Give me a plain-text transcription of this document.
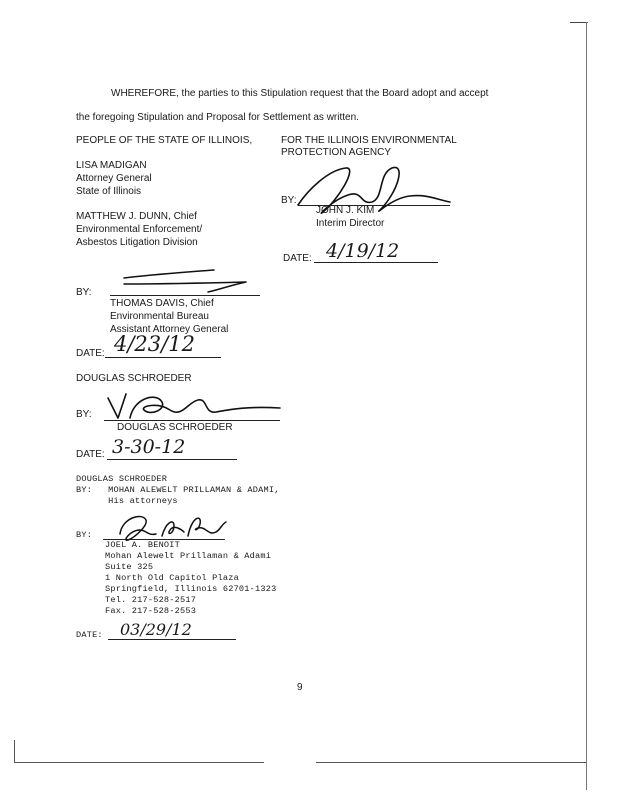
WHEREFORE, the parties to this Stipulation request that the Board adopt and accept
the foregoing Stipulation and Proposal for Settlement as written.
PEOPLE OF THE STATE OF ILLINOIS,
LISA MADIGAN
Attorney General
State of Illinois
MATTHEW J. DUNN, Chief
Environmental Enforcement/
Asbestos Litigation Division
FOR THE ILLINOIS ENVIRONMENTAL
PROTECTION AGENCY
BY:
JOHN J. KIM
Interim Director
DATE: 4/19/12
BY:
THOMAS DAVIS, Chief
Environmental Bureau
Assistant Attorney General
DATE: 4/23/12
DOUGLAS SCHROEDER
BY:
DOUGLAS SCHROEDER
DATE: 3-30-12
DOUGLAS SCHROEDER
BY:   MOHAN ALEWELT PRILLAMAN & ADAMI,
His attorneys
BY:
JOEL A. BENOIT
Mohan Alewelt Prillaman & Adami
Suite 325
1 North Old Capitol Plaza
Springfield, Illinois 62701-1323
Tel. 217-528-2517
Fax. 217-528-2553
DATE: 03/29/12
9
